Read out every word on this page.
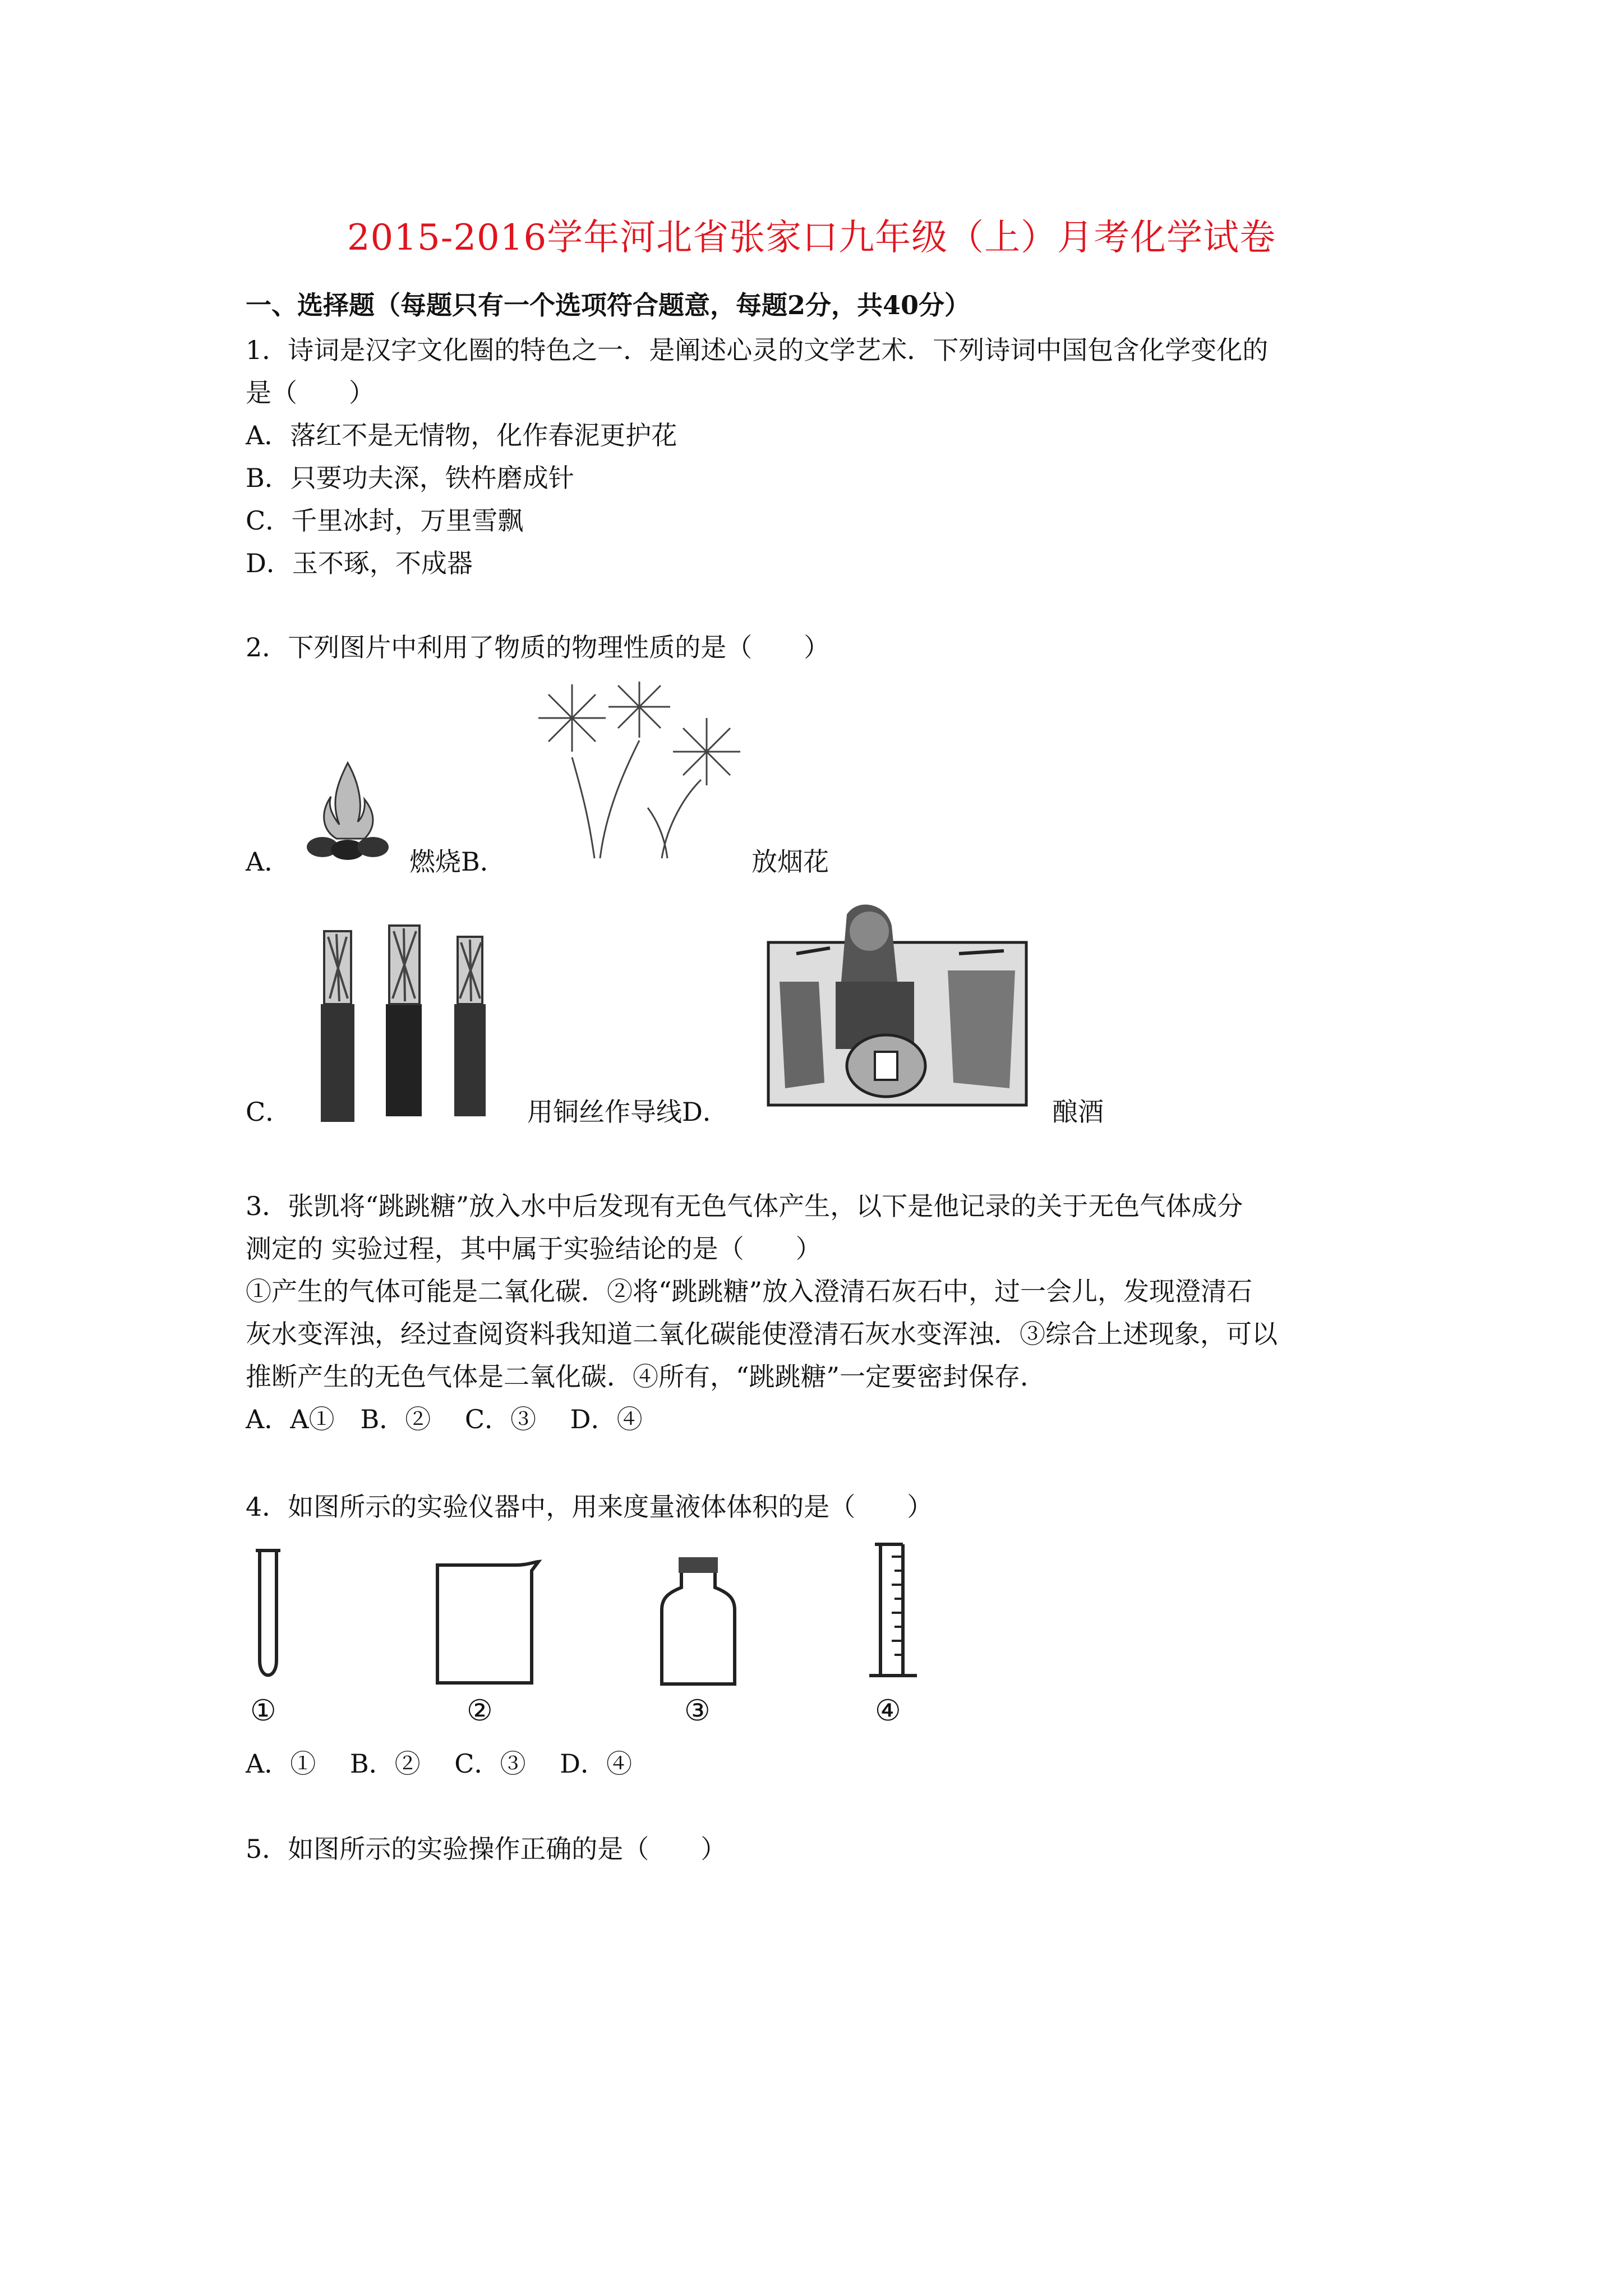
2015-2016学年河北省张家口九年级（上）月考化学试卷
一、选择题（每题只有一个选项符合题意，每题2分，共40分）
1．诗词是汉字文化圈的特色之一．是阐述心灵的文学艺术．下列诗词中国包含化学变化的
是（　　）
A．落红不是无情物，化作春泥更护花
B．只要功夫深，铁杵磨成针
C．千里冰封，万里雪飘
D．玉不琢，不成器
2．下列图片中利用了物质的物理性质的是（　　）
A．	燃烧B．	放烟花
C．	用铜丝作导线D．	酿酒
3．张凯将“跳跳糖”放入水中后发现有无色气体产生，以下是他记录的关于无色气体成分
测定的 实验过程，其中属于实验结论的是（　　）
①产生的气体可能是二氧化碳．②将“跳跳糖”放入澄清石灰石中，过一会儿，发现澄清石
灰水变浑浊，经过查阅资料我知道二氧化碳能使澄清石灰水变浑浊．③综合上述现象，可以
推断产生的无色气体是二氧化碳．④所有，“跳跳糖”一定要密封保存．
A．A①　B．②　 C．③　 D．④
4．如图所示的实验仪器中，用来度量液体体积的是（　　）
①	②	③	④
A．①　 B．②　 C．③　 D．④
5．如图所示的实验操作正确的是（　　）
